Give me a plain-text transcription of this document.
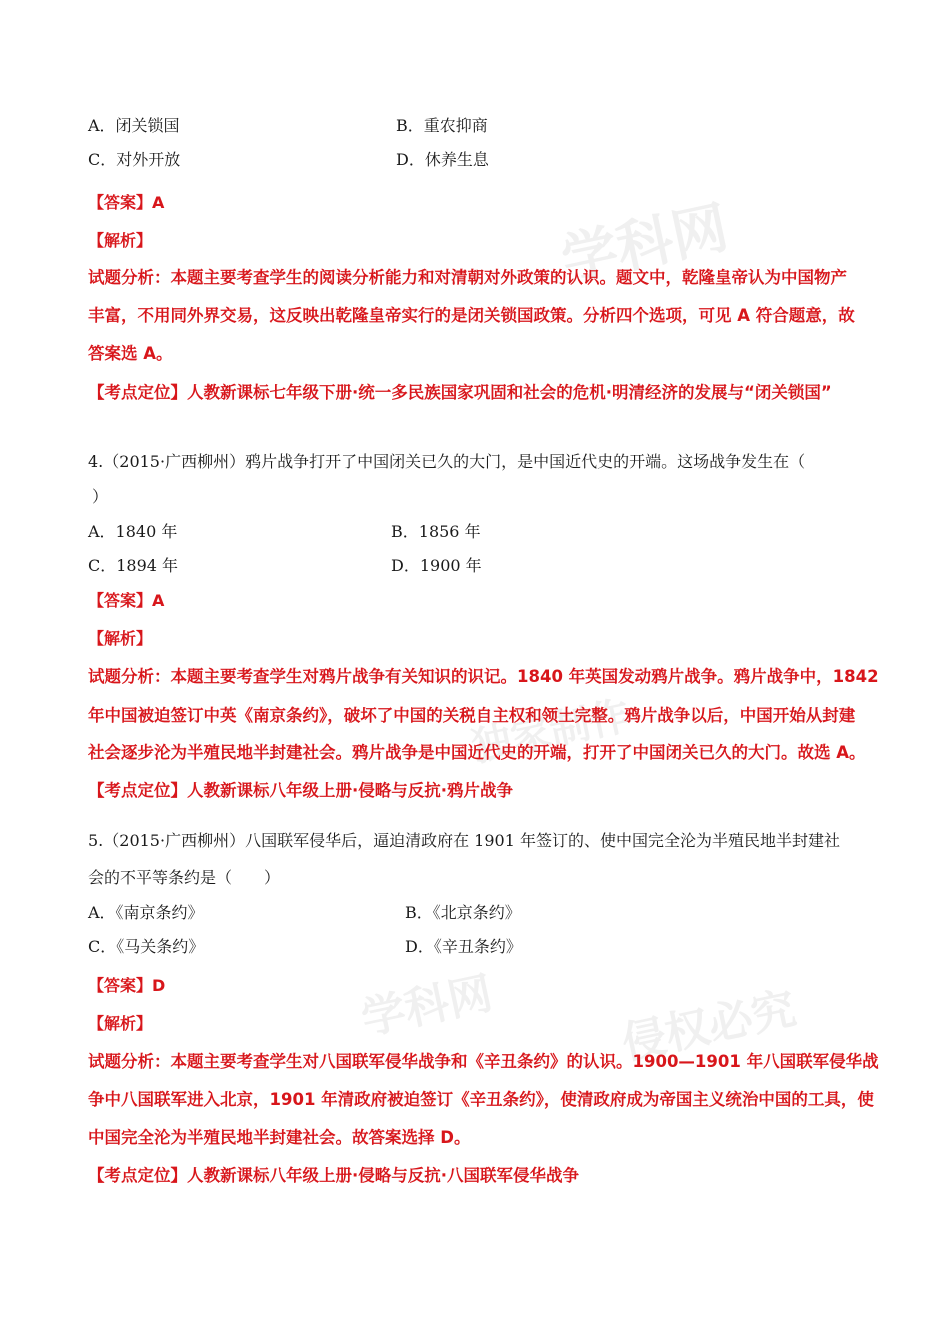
学科网
独家制作
侵权必究
学科网
A．闭关锁国	B．重农抑商
C．对外开放	D．休养生息
【答案】A
【解析】
试题分析：本题主要考查学生的阅读分析能力和对清朝对外政策的认识。题文中，乾隆皇帝认为中国物产
丰富，不用同外界交易，这反映出乾隆皇帝实行的是闭关锁国政策。分析四个选项，可见 A 符合题意，故
答案选 A。
【考点定位】人教新课标七年级下册·统一多民族国家巩固和社会的危机·明清经济的发展与“闭关锁国”
4.（2015·广西柳州）鸦片战争打开了中国闭关已久的大门，是中国近代史的开端。这场战争发生在（
）
A．1840 年	B．1856 年
C．1894 年	D．1900 年
【答案】A
【解析】
试题分析：本题主要考查学生对鸦片战争有关知识的识记。1840 年英国发动鸦片战争。鸦片战争中，1842
年中国被迫签订中英《南京条约》，破坏了中国的关税自主权和领土完整。鸦片战争以后，中国开始从封建
社会逐步沦为半殖民地半封建社会。鸦片战争是中国近代史的开端，打开了中国闭关已久的大门。故选 A。
【考点定位】人教新课标八年级上册·侵略与反抗·鸦片战争
5.（2015·广西柳州）八国联军侵华后，逼迫清政府在 1901 年签订的、使中国完全沦为半殖民地半封建社
会的不平等条约是（　　）
A．《南京条约》	B．《北京条约》
C．《马关条约》	D．《辛丑条约》
【答案】D
【解析】
试题分析：本题主要考查学生对八国联军侵华战争和《辛丑条约》的认识。1900—1901 年八国联军侵华战
争中八国联军进入北京，1901 年清政府被迫签订《辛丑条约》，使清政府成为帝国主义统治中国的工具，使
中国完全沦为半殖民地半封建社会。故答案选择 D。
【考点定位】人教新课标八年级上册·侵略与反抗·八国联军侵华战争
